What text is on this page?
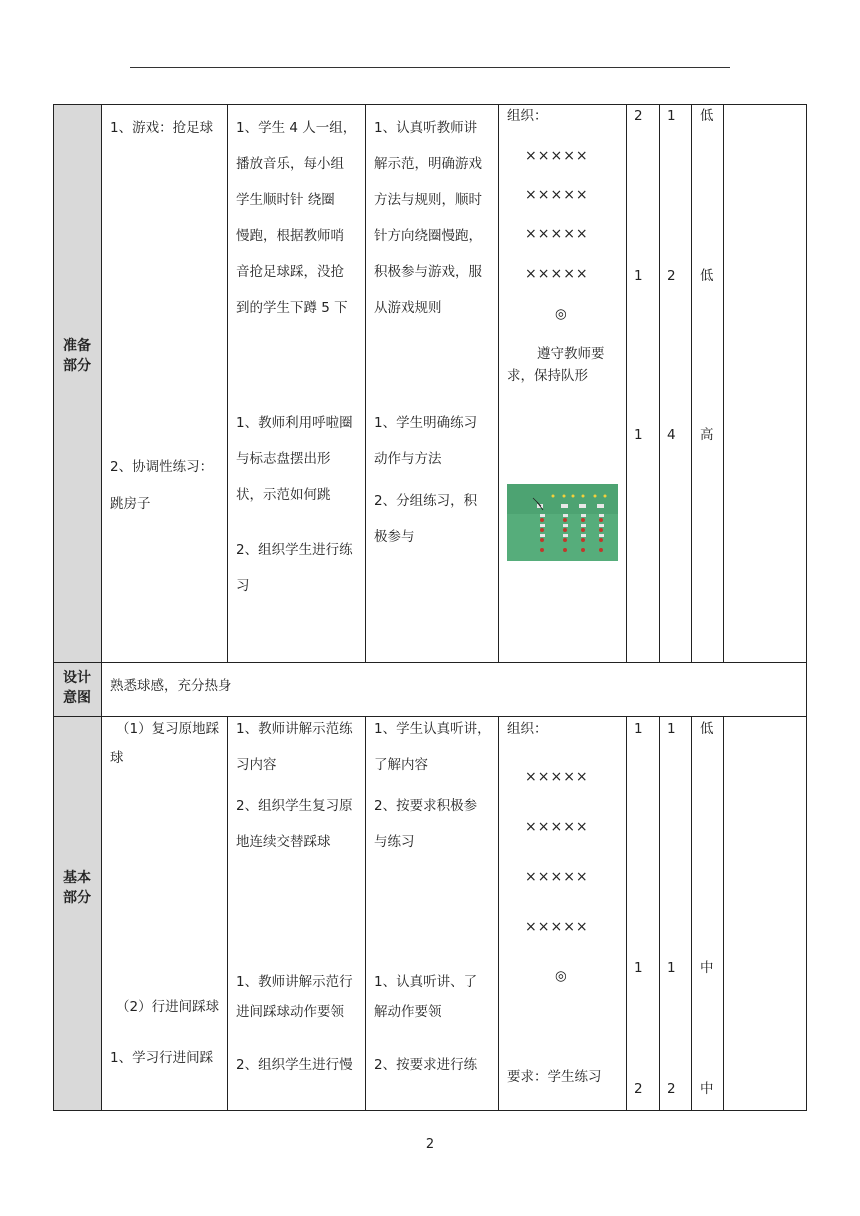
准备
部分
1、游戏：抢足球
2、协调性练习：
跳房子
1、学生 4 人一组，
播放音乐，每小组
学生顺时针 绕圈
慢跑，根据教师哨
音抢足球踩，没抢
到的学生下蹲 5 下
1、教师利用呼啦圈
与标志盘摆出形
状，示范如何跳
2、组织学生进行练
习
1、认真听教师讲
解示范，明确游戏
方法与规则，顺时
针方向绕圈慢跑，
积极参与游戏，服
从游戏规则
1、学生明确练习
动作与方法
2、分组练习，积
极参与
组织：
×××××
×××××
×××××
×××××
◎
遵守教师要
求，保持队形
2 1 低
1 2 低
1 4 高
设计
意图
熟悉球感，充分热身
基本
部分
（1）复习原地踩
球
（2）行进间踩球
1、学习行进间踩
1、教师讲解示范练
习内容
2、组织学生复习原
地连续交替踩球
1、教师讲解示范行
进间踩球动作要领
2、组织学生进行慢
1、学生认真听讲，
了解内容
2、按要求积极参
与练习
1、认真听讲、了
解动作要领
2、按要求进行练
组织：
×××××
×××××
×××××
×××××
◎
要求：学生练习
1 1 低
1 1 中
2 2 中
2
